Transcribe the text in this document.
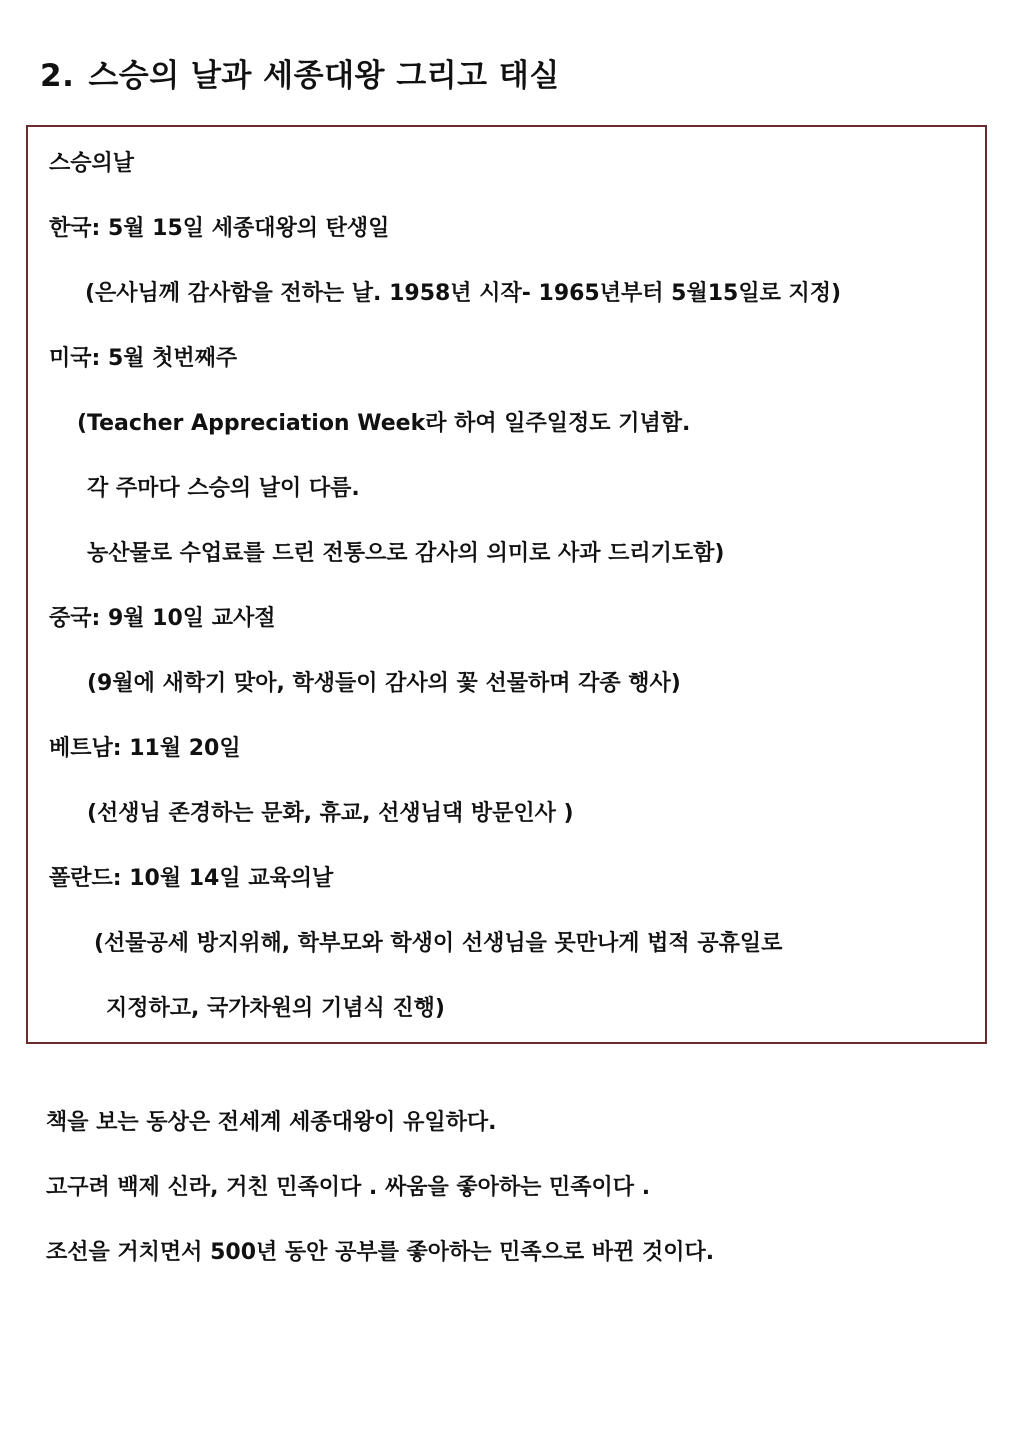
2. 스승의 날과 세종대왕 그리고 태실
스승의날
한국: 5월 15일 세종대왕의 탄생일
(은사님께 감사함을 전하는 날. 1958년 시작- 1965년부터 5월15일로 지정)
미국: 5월 첫번째주
(Teacher Appreciation Week라 하여 일주일정도 기념함.
각 주마다 스승의 날이 다름.
농산물로 수업료를 드린 전통으로 감사의 의미로 사과 드리기도함)
중국: 9월 10일 교사절
(9월에 새학기 맞아, 학생들이 감사의 꽃 선물하며 각종 행사)
베트남: 11월 20일
(선생님 존경하는 문화, 휴교, 선생님댁 방문인사 )
폴란드: 10월 14일 교육의날
(선물공세 방지위해, 학부모와 학생이 선생님을 못만나게 법적 공휴일로
지정하고, 국가차원의 기념식 진행)
책을 보는 동상은 전세계 세종대왕이 유일하다.
고구려 백제 신라, 거친 민족이다 . 싸움을 좋아하는 민족이다 .
조선을 거치면서 500년 동안 공부를 좋아하는 민족으로 바뀐 것이다.
